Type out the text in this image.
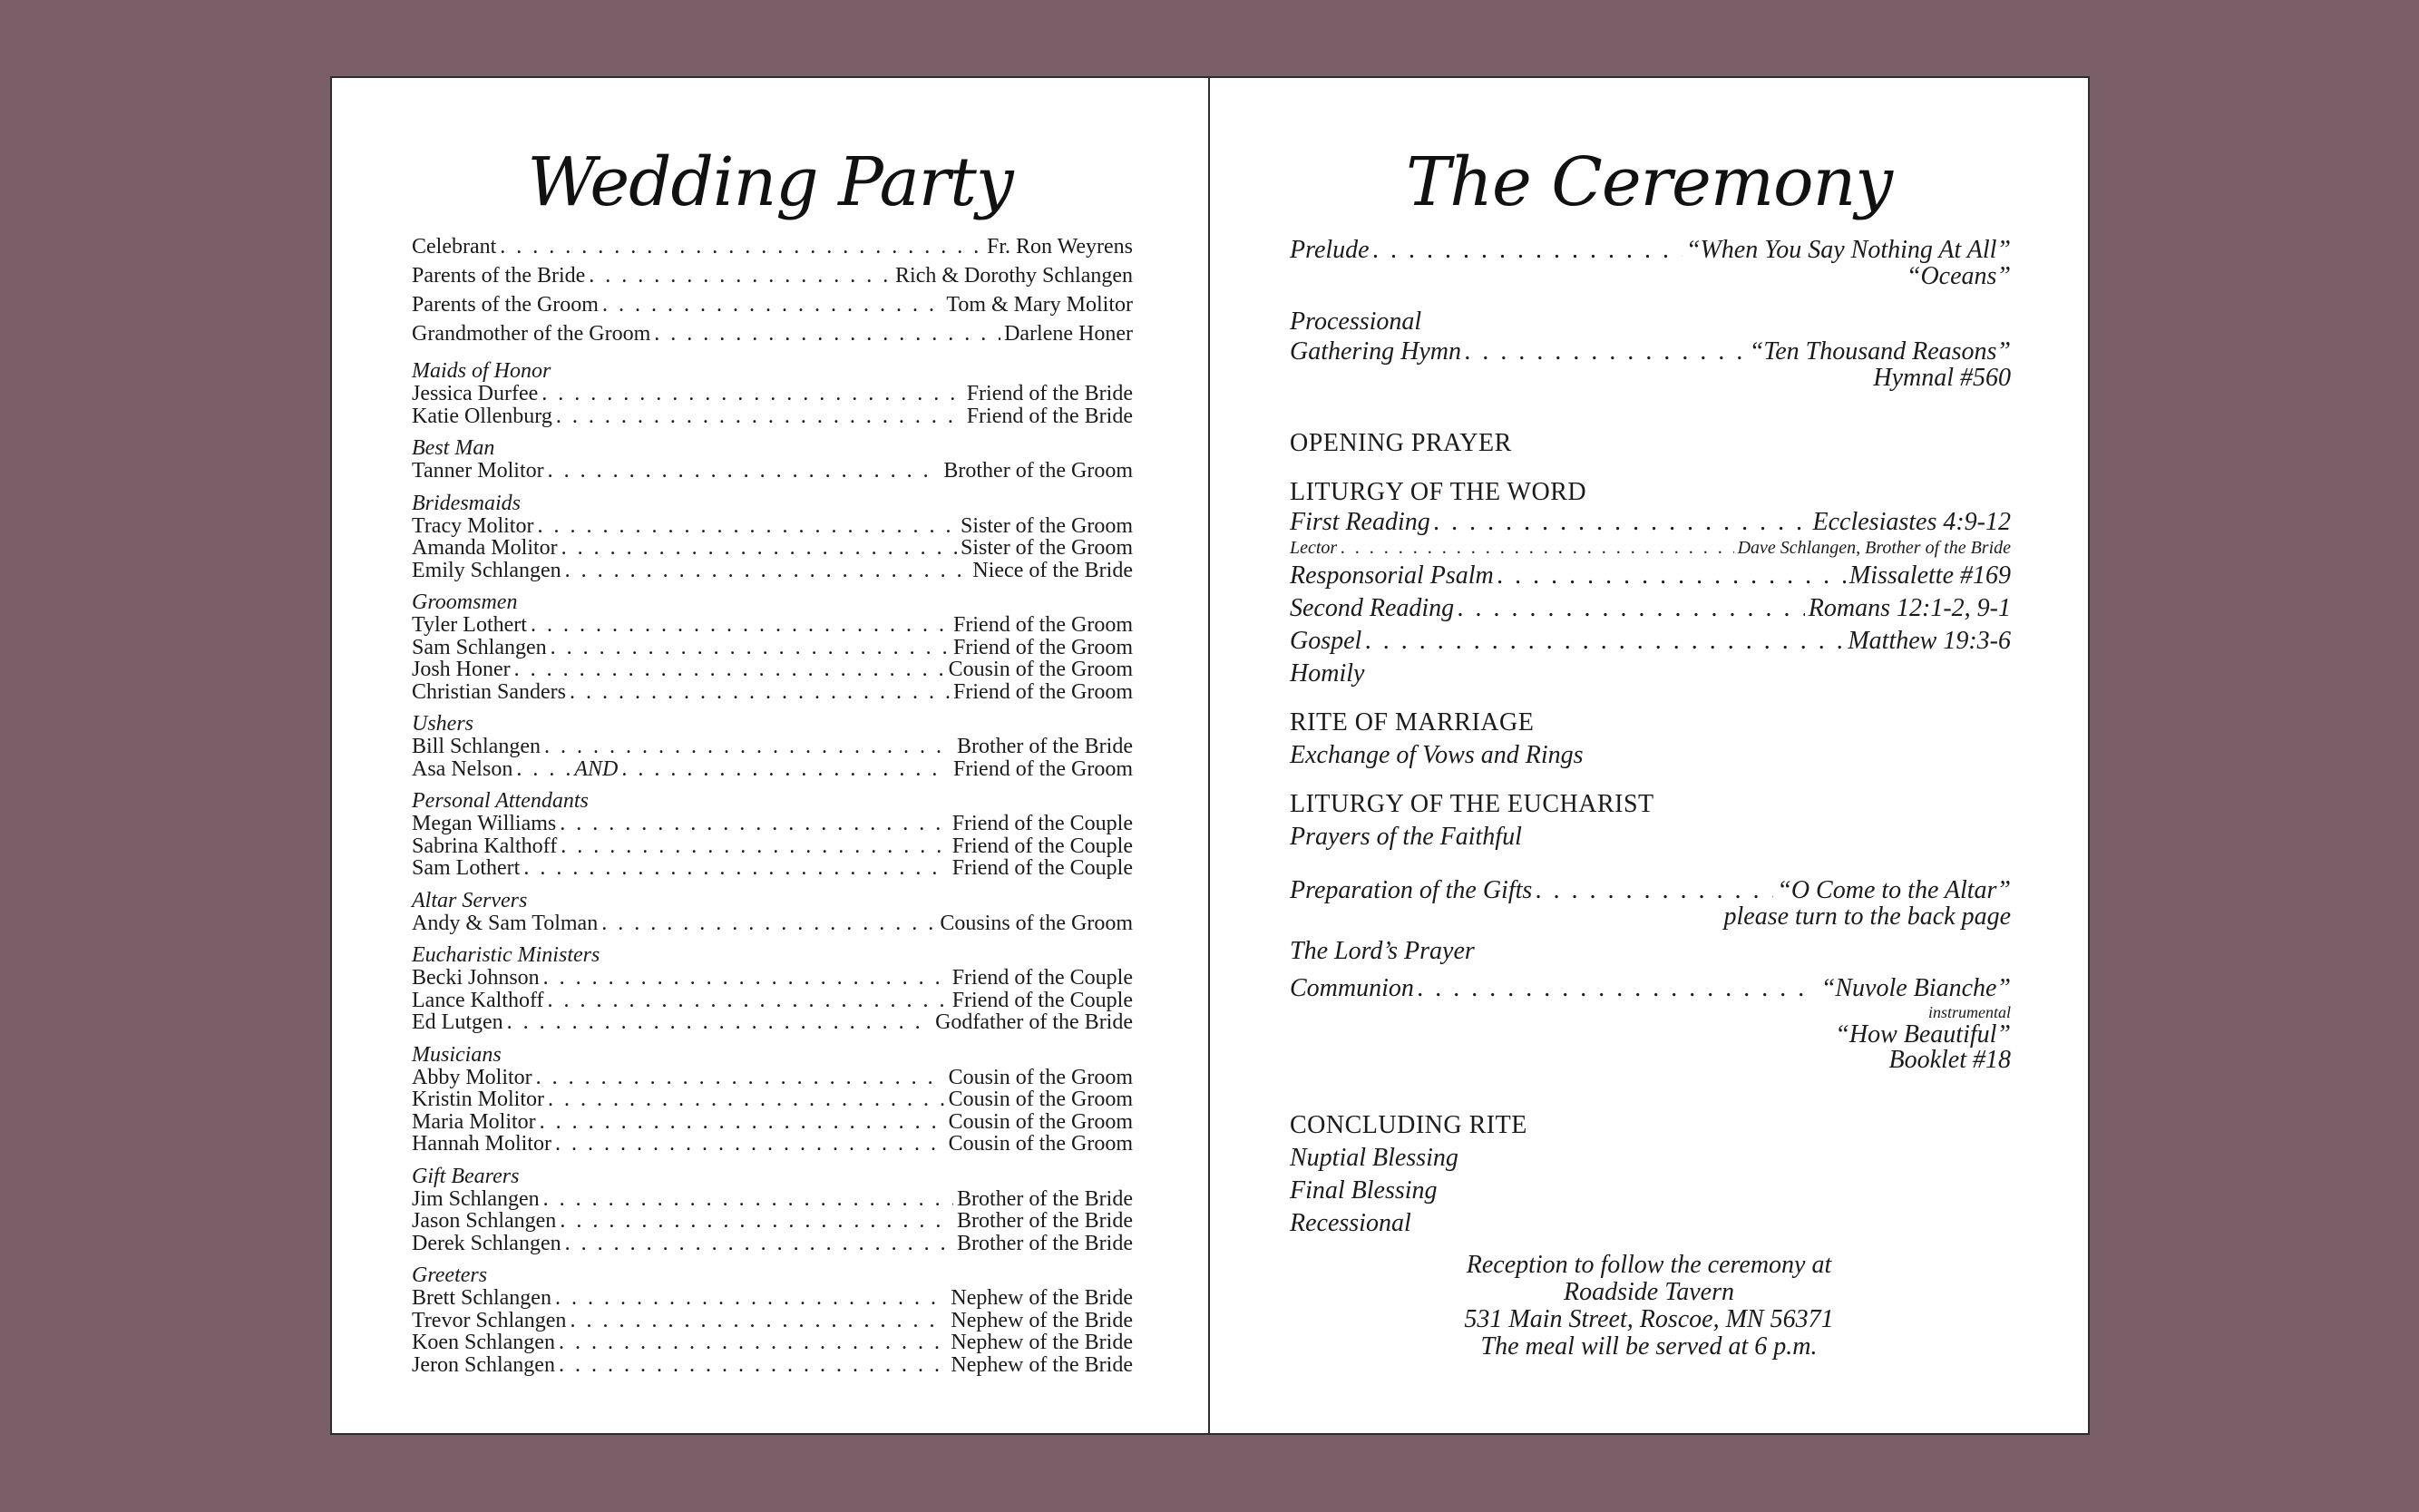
Wedding Party
Celebrant . . .	Fr. Ron Weyrens
Parents of the Bride . . .	Rich & Dorothy Schlangen
Parents of the Groom . . .	Tom & Mary Molitor
Grandmother of the Groom . . .	Darlene Honer
Maids of Honor
Jessica Durfee . . .	Friend of the Bride
Katie Ollenburg . . .	Friend of the Bride
Best Man
Tanner Molitor . . .	Brother of the Groom
Bridesmaids
Tracy Molitor . . .	Sister of the Groom
Amanda Molitor . . .	Sister of the Groom
Emily Schlangen . . .	Niece of the Bride
Groomsmen
Tyler Lothert . . .	Friend of the Groom
Sam Schlangen . . .	Friend of the Groom
Josh Honer . . .	Cousin of the Groom
Christian Sanders . . .	Friend of the Groom
Ushers
Bill Schlangen . . .	Brother of the Bride
Asa Nelson . . .	AND . . .	Friend of the Groom
Personal Attendants
Megan Williams . . .	Friend of the Couple
Sabrina Kalthoff . . .	Friend of the Couple
Sam Lothert . . .	Friend of the Couple
Altar Servers
Andy & Sam Tolman . . .	Cousins of the Groom
Eucharistic Ministers
Becki Johnson . . .	Friend of the Couple
Lance Kalthoff . . .	Friend of the Couple
Ed Lutgen . . .	Godfather of the Bride
Musicians
Abby Molitor . . .	Cousin of the Groom
Kristin Molitor . . .	Cousin of the Groom
Maria Molitor . . .	Cousin of the Groom
Hannah Molitor . . .	Cousin of the Groom
Gift Bearers
Jim Schlangen . . .	Brother of the Bride
Jason Schlangen . . .	Brother of the Bride
Derek Schlangen . . .	Brother of the Bride
Greeters
Brett Schlangen . . .	Nephew of the Bride
Trevor Schlangen . . .	Nephew of the Bride
Koen Schlangen . . .	Nephew of the Bride
Jeron Schlangen . . .	Nephew of the Bride
The Ceremony
Prelude . . .	“When You Say Nothing At All”
“Oceans”
Processional
Gathering Hymn . . .	“Ten Thousand Reasons”
Hymnal #560
OPENING PRAYER
LITURGY OF THE WORD
First Reading . . .	Ecclesiastes 4:9-12
Lector . . .	Dave Schlangen, Brother of the Bride
Responsorial Psalm . . .	Missalette #169
Second Reading . . .	Romans 12:1-2, 9-1
Gospel . . .	Matthew 19:3-6
Homily
RITE OF MARRIAGE
Exchange of Vows and Rings
LITURGY OF THE EUCHARIST
Prayers of the Faithful
Preparation of the Gifts . . .	“O Come to the Altar”
please turn to the back page
The Lord’s Prayer
Communion . . .	“Nuvole Bianche”
instrumental
“How Beautiful”
Booklet #18
CONCLUDING RITE
Nuptial Blessing
Final Blessing
Recessional
Reception to follow the ceremony at
Roadside Tavern
531 Main Street, Roscoe, MN 56371
The meal will be served at 6 p.m.
